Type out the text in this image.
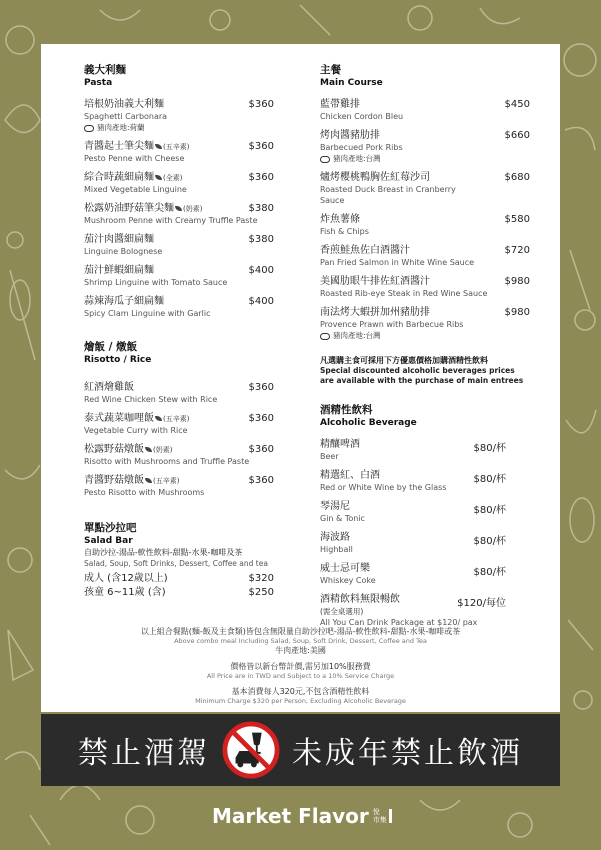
義大利麵
Pasta
培根奶油義大利麵	$360
Spaghetti Carbonara
豬肉產地:荷蘭
青醬起士筆尖麵 (五辛素)	$360
Pesto Penne with Cheese
綜合時蔬細扁麵 (全素)	$360
Mixed Vegetable Linguine
松露奶油野菇筆尖麵 (奶素)	$380
Mushroom Penne with Creamy Truffle Paste
茄汁肉醬細扁麵	$380
Linguine Bolognese
茄汁鮮蝦細扁麵	$400
Shrimp Linguine with Tomato Sauce
蒜辣海瓜子細扁麵	$400
Spicy Clam Linguine with Garlic
燴飯 / 燉飯
Risotto / Rice
紅酒燴雞飯	$360
Red Wine Chicken Stew with Rice
泰式蔬菜咖哩飯 (五辛素)	$360
Vegetable Curry with Rice
松露野菇燉飯 (奶素)	$360
Risotto with Mushrooms and Truffle Paste
青醬野菇燉飯 (五辛素)	$360
Pesto Risotto with Mushrooms
單點沙拉吧
Salad Bar
自助沙拉-湯品-軟性飲料-甜點-水果-咖啡及茶
Salad, Soup, Soft Drinks, Dessert, Coffee and tea
成人 (含12歲以上)	$320
孩童 6~11歲 (含)	$250
主餐
Main Course
藍帶雞排	$450
Chicken Cordon Bleu
烤肉醬豬肋排	$660
Barbecued Pork Ribs
豬肉產地:台灣
爐烤櫻桃鴨胸佐紅莓沙司	$680
Roasted Duck Breast in Cranberry Sauce
炸魚薯條	$580
Fish & Chips
香煎鮭魚佐白酒醬汁	$720
Pan Fried Salmon in White Wine Sauce
美國肋眼牛排佐紅酒醬汁	$980
Roasted Rib-eye Steak in Red Wine Sauce
南法烤大蝦拼加州豬肋排	$980
Provence Prawn with Barbecue Ribs
豬肉產地:台灣
凡選購主食可採用下方優惠價格加購酒精性飲料
Special discounted alcoholic beverages prices are available with the purchase of main entrees
酒精性飲料
Alcoholic Beverage
精釀啤酒	$80/杯
Beer
精選紅、白酒	$80/杯
Red or White Wine by the Glass
琴湯尼	$80/杯
Gin & Tonic
海波路	$80/杯
Highball
威士忌可樂	$80/杯
Whiskey Coke
酒精飲料無限暢飲	$120/每位
(需全桌選用)
All You Can Drink Package at $120/ pax
以上組合餐點(麵-飯及主食類)皆包含無限量自助沙拉吧-湯品-軟性飲料-甜點-水果-咖啡或茶
Above combo meal Including Salad, Soup, Soft Drink, Dessert, Coffee and Tea
牛肉產地:美國
價格皆以新台幣計價,需另加10%服務費
All Price are in TWD and Subject to a 10% Service Charge
基本消費每人320元,不包含酒精性飲料
Minimum Charge $320 per Person, Excluding Alcoholic Beverage
禁止酒駕	未成年禁止飲酒
Market Flavor 悅
市集
